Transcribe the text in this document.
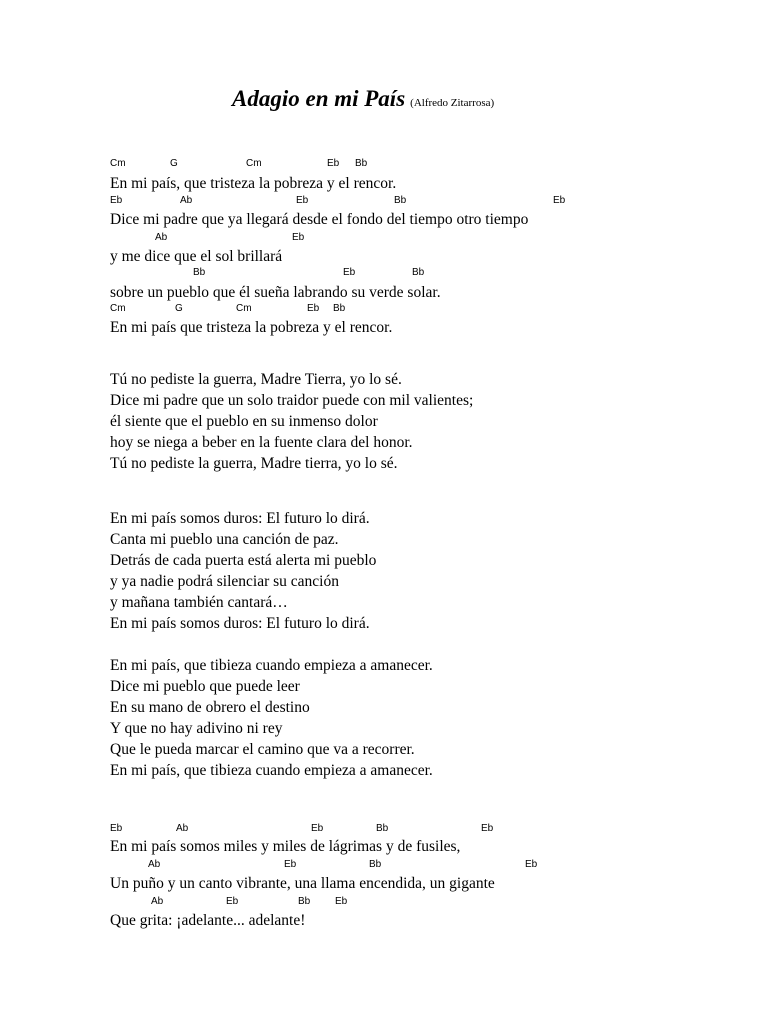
Adagio en mi País (Alfredo Zitarrosa)
Cm	G	Cm	Eb Bb
En mi país, que tristeza la pobreza y el rencor.
Eb	Ab	Eb	Bb	Eb
Dice mi padre que ya llegará desde el fondo del tiempo otro tiempo
Ab	Eb
y me dice que el sol brillará
Bb	Eb	Bb
sobre un pueblo que él sueña labrando su verde solar.
Cm	G	Cm	Eb Bb
En mi país que tristeza la pobreza y el rencor.
Tú no pediste la guerra, Madre Tierra, yo lo sé.
Dice mi padre que un solo traidor puede con mil valientes;
él siente que el pueblo en su inmenso dolor
hoy se niega a beber en la fuente clara del honor.
Tú no pediste la guerra, Madre tierra, yo lo sé.
En mi país somos duros: El futuro lo dirá.
Canta mi pueblo una canción de paz.
Detrás de cada puerta está alerta mi pueblo
y ya nadie podrá silenciar su canción
y mañana también cantará…
En mi país somos duros: El futuro lo dirá.
En mi país, que tibieza cuando empieza a amanecer.
Dice mi pueblo que puede leer
En su mano de obrero el destino
Y que no hay adivino ni rey
Que le pueda marcar el camino que va a recorrer.
En mi país, que tibieza cuando empieza a amanecer.
Eb	Ab	Eb	Bb	Eb
En mi país somos miles y miles de lágrimas y de fusiles,
Ab	Eb	Bb	Eb
Un puño y un canto vibrante, una llama encendida, un gigante
Ab	Eb	Bb Eb
Que grita: ¡adelante... adelante!
